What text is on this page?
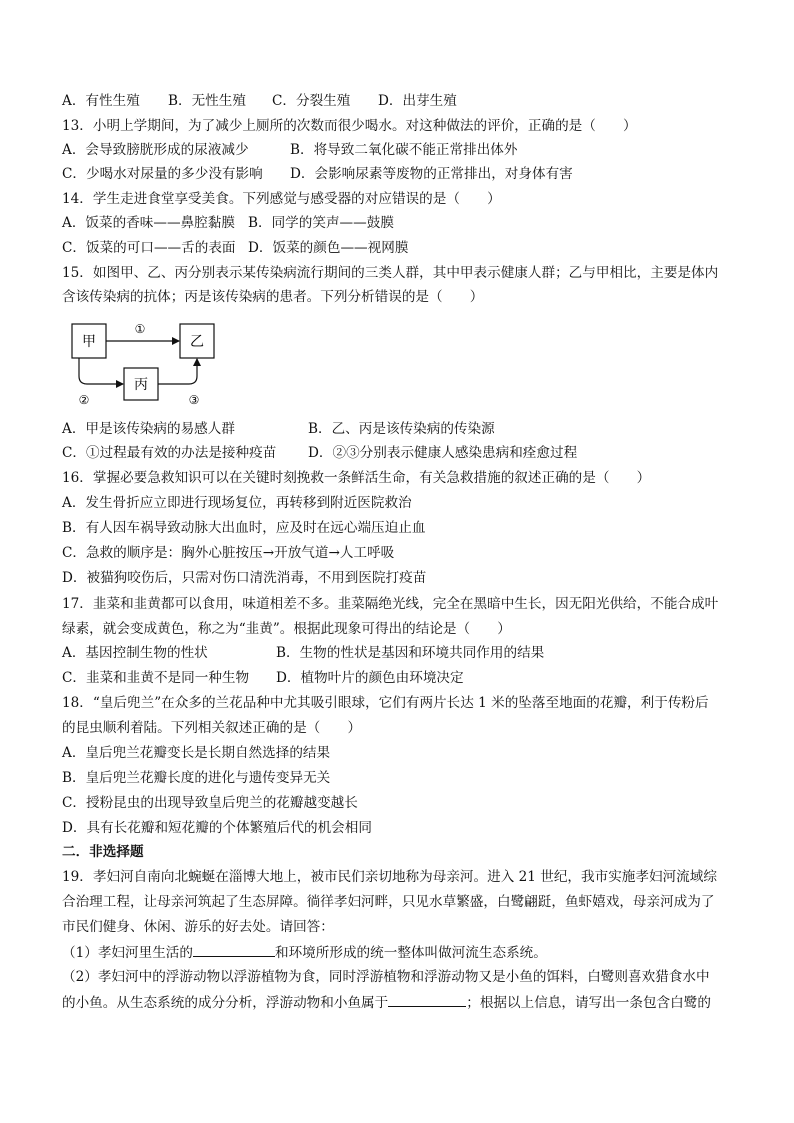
A．有性生殖 B．无性生殖 C．分裂生殖 D．出芽生殖
13．小明上学期间，为了减少上厕所的次数而很少喝水。对这种做法的评价，正确的是（　　）
A．会导致膀胱形成的尿液减少	B．将导致二氧化碳不能正常排出体外
C．少喝水对尿量的多少没有影响 D．会影响尿素等废物的正常排出，对身体有害
14．学生走进食堂享受美食。下列感觉与感受器的对应错误的是（　　）
A．饭菜的香味——鼻腔黏膜 B．同学的笑声——鼓膜
C．饭菜的可口——舌的表面 D．饭菜的颜色——视网膜
15．如图甲、乙、丙分别表示某传染病流行期间的三类人群，其中甲表示健康人群；乙与甲相比，主要是体内
含该传染病的抗体；丙是该传染病的患者。下列分析错误的是（　　）
甲	乙
丙
①
②	③
A．甲是该传染病的易感人群	B．乙、丙是该传染病的传染源
C．①过程最有效的办法是接种疫苗 D．②③分别表示健康人感染患病和痊愈过程
16．掌握必要急救知识可以在关键时刻挽救一条鲜活生命，有关急救措施的叙述正确的是（　　）
A．发生骨折应立即进行现场复位，再转移到附近医院救治
B．有人因车祸导致动脉大出血时，应及时在远心端压迫止血
C．急救的顺序是：胸外心脏按压→开放气道→人工呼吸
D．被猫狗咬伤后，只需对伤口清洗消毒，不用到医院打疫苗
17．韭菜和韭黄都可以食用，味道相差不多。韭菜隔绝光线，完全在黑暗中生长，因无阳光供给，不能合成叶
绿素，就会变成黄色，称之为“韭黄”。根据此现象可得出的结论是（　　）
A．基因控制生物的性状	B．生物的性状是基因和环境共同作用的结果
C．韭菜和韭黄不是同一种生物 D．植物叶片的颜色由环境决定
18．“皇后兜兰”在众多的兰花品种中尤其吸引眼球，它们有两片长达 1 米的坠落至地面的花瓣，利于传粉后
的昆虫顺利着陆。下列相关叙述正确的是（　　）
A．皇后兜兰花瓣变长是长期自然选择的结果
B．皇后兜兰花瓣长度的进化与遗传变异无关
C．授粉昆虫的出现导致皇后兜兰的花瓣越变越长
D．具有长花瓣和短花瓣的个体繁殖后代的机会相同
二．非选择题
19．孝妇河自南向北蜿蜒在淄博大地上，被市民们亲切地称为母亲河。进入 21 世纪，我市实施孝妇河流域综
合治理工程，让母亲河筑起了生态屏障。徜徉孝妇河畔，只见水草繁盛，白鹭翩跹，鱼虾嬉戏，母亲河成为了
市民们健身、休闲、游乐的好去处。请回答：
（1）孝妇河里生活的	和环境所形成的统一整体叫做河流生态系统。
（2）孝妇河中的浮游动物以浮游植物为食，同时浮游植物和浮游动物又是小鱼的饵料，白鹭则喜欢猎食水中
的小鱼。从生态系统的成分分析，浮游动物和小鱼属于	；根据以上信息，请写出一条包含白鹭的
